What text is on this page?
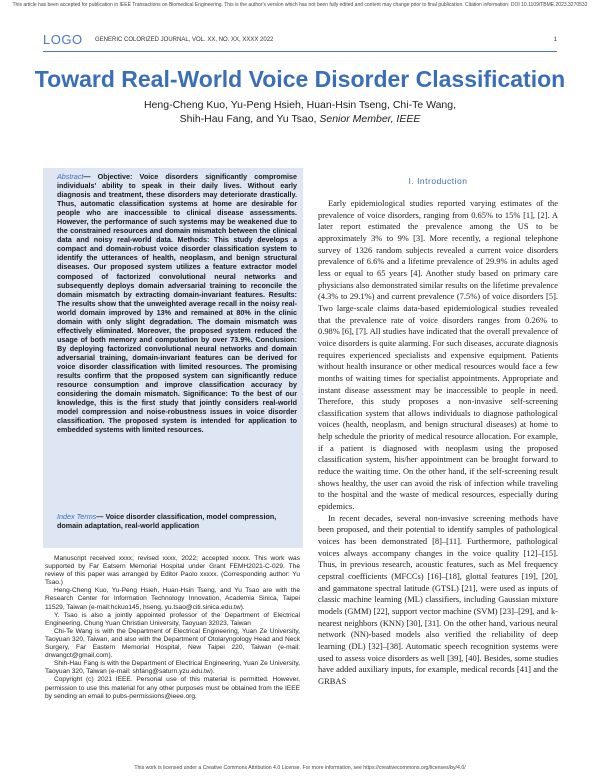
This article has been accepted for publication in IEEE Transactions on Biomedical Engineering. This is the author's version which has not been fully edited and content may change prior to final publication. Citation information: DOI 10.1109/TBME.2023.3270532
LOGO GENERIC COLORIZED JOURNAL, VOL. XX, NO. XX, XXXX 2022	1
Toward Real-World Voice Disorder Classification
Heng-Cheng Kuo, Yu-Peng Hsieh, Huan-Hsin Tseng, Chi-Te Wang,
Shih-Hau Fang, and Yu Tsao, Senior Member, IEEE
Abstract— Objective: Voice disorders significantly compromise individuals' ability to speak in their daily lives. Without early diagnosis and treatment, these disorders may deteriorate drastically. Thus, automatic classification systems at home are desirable for people who are inaccessible to clinical disease assessments. However, the performance of such systems may be weakened due to the constrained resources and domain mismatch between the clinical data and noisy real-world data. Methods: This study develops a compact and domain-robust voice disorder classification system to identify the utterances of health, neoplasm, and benign structural diseases. Our proposed system utilizes a feature extractor model composed of factorized convolutional neural networks and subsequently deploys domain adversarial training to reconcile the domain mismatch by extracting domain-invariant features. Results: The results show that the unweighted average recall in the noisy real-world domain improved by 13% and remained at 80% in the clinic domain with only slight degradation. The domain mismatch was effectively eliminated. Moreover, the proposed system reduced the usage of both memory and computation by over 73.9%. Conclusion: By deploying factorized convolutional neural networks and domain adversarial training, domain-invariant features can be derived for voice disorder classification with limited resources. The promising results confirm that the proposed system can significantly reduce resource consumption and improve classification accuracy by considering the domain mismatch. Significance: To the best of our knowledge, this is the first study that jointly considers real-world model compression and noise-robustness issues in voice disorder classification. The proposed system is intended for application to embedded systems with limited resources.
Index Terms— Voice disorder classification, model compression, domain adaptation, real-world application

Manuscript received xxxx; revised xxxx, 2022; accepted xxxxx. This work was supported by Far Eatsern Memorial Hospital under Grant FEMH2021-C-029. The review of this paper was arranged by Editor Paolo xxxxx. (Corresponding author: Yu Tsao.)

Heng-Cheng Kuo, Yu-Peng Hsieh, Huan-Hsin Tseng, and Yu Tsao are with the Research Center for Information Technology Innovation, Academia Sinica, Taipei 11529, Taiwan (e-mail:hckuo145, hseng, yu.tsao@citi.sinica.edu.tw).

Y. Tsao is also a jointly appointed professor of the Department of Electrical Engineering, Chung Yuan Christian University, Taoyuan 32023, Taiwan

Chi-Te Wang is with the Department of Electrical Engineering, Yuan Ze University, Taoyuan 320, Taiwan, and also with the Department of Otolaryngology Head and Neck Surgery, Far Eastern Memorial Hospital, New Taipei 220, Taiwan (e-mail: drwangct@gmail.com).

Shih-Hau Fang is with the Department of Electrical Engineering, Yuan Ze University, Taoyuan 320, Taiwan (e-mail: shfang@saturn.yzu.edu.tw).

Copyright (c) 2021 IEEE. Personal use of this material is permitted. However, permission to use this material for any other purposes must be obtained from the IEEE by sending an email to pubs-permissions@ieee.org.

I. Introduction

Early epidemiological studies reported varying estimates of the prevalence of voice disorders, ranging from 0.65% to 15% [1], [2]. A later report estimated the prevalence among the US to be approximately 3% to 9% [3]. More recently, a regional telephone survey of 1326 random subjects revealed a current voice disorders prevalence of 6.6% and a lifetime prevalence of 29.9% in adults aged less or equal to 65 years [4]. Another study based on primary care physicians also demonstrated similar results on the lifetime prevalence (4.3% to 29.1%) and current prevalence (7.5%) of voice disorders [5]. Two large-scale claims data-based epidemiological studies revealed that the prevalence rate of voice disorders ranges from 0.26% to 0.98% [6], [7]. All studies have indicated that the overall prevalence of voice disorders is quite alarming. For such diseases, accurate diagnosis requires experienced specialists and expensive equipment. Patients without health insurance or other medical resources would face a few months of waiting times for specialist appointments. Appropriate and instant disease assessment may be inaccessible to people in need. Therefore, this study proposes a non-invasive self-screening classification system that allows individuals to diagnose pathological voices (health, neoplasm, and benign structural diseases) at home to help schedule the priority of medical resource allocation. For example, if a patient is diagnosed with neoplasm using the proposed classification system, his/her appointment can be brought forward to reduce the waiting time. On the other hand, if the self-screening result shows healthy, the user can avoid the risk of infection while traveling to the hospital and the waste of medical resources, especially during epidemics.

In recent decades, several non-invasive screening methods have been proposed, and their potential to identify samples of pathological voices has been demonstrated [8]–[11]. Furthermore, pathological voices always accompany changes in the voice quality [12]–[15]. Thus, in previous research, acoustic features, such as Mel frequency cepstral coefficients (MFCCs) [16]–[18], glottal features [19], [20], and gammatone spectral latitude (GTSL) [21], were used as inputs of classic machine learning (ML) classifiers, including Gaussian mixture models (GMM) [22], support vector machine (SVM) [23]–[29], and k-nearest neighbors (KNN) [30], [31]. On the other hand, various neural network (NN)-based models also verified the reliability of deep learning (DL) [32]–[38]. Automatic speech recognition systems were used to assess voice disorders as well [39], [40]. Besides, some studies have added auxiliary inputs, for example, medical records [41] and the GRBAS

This work is licensed under a Creative Commons Attribution 4.0 License. For more information, see https://creativecommons.org/licenses/by/4.0/
